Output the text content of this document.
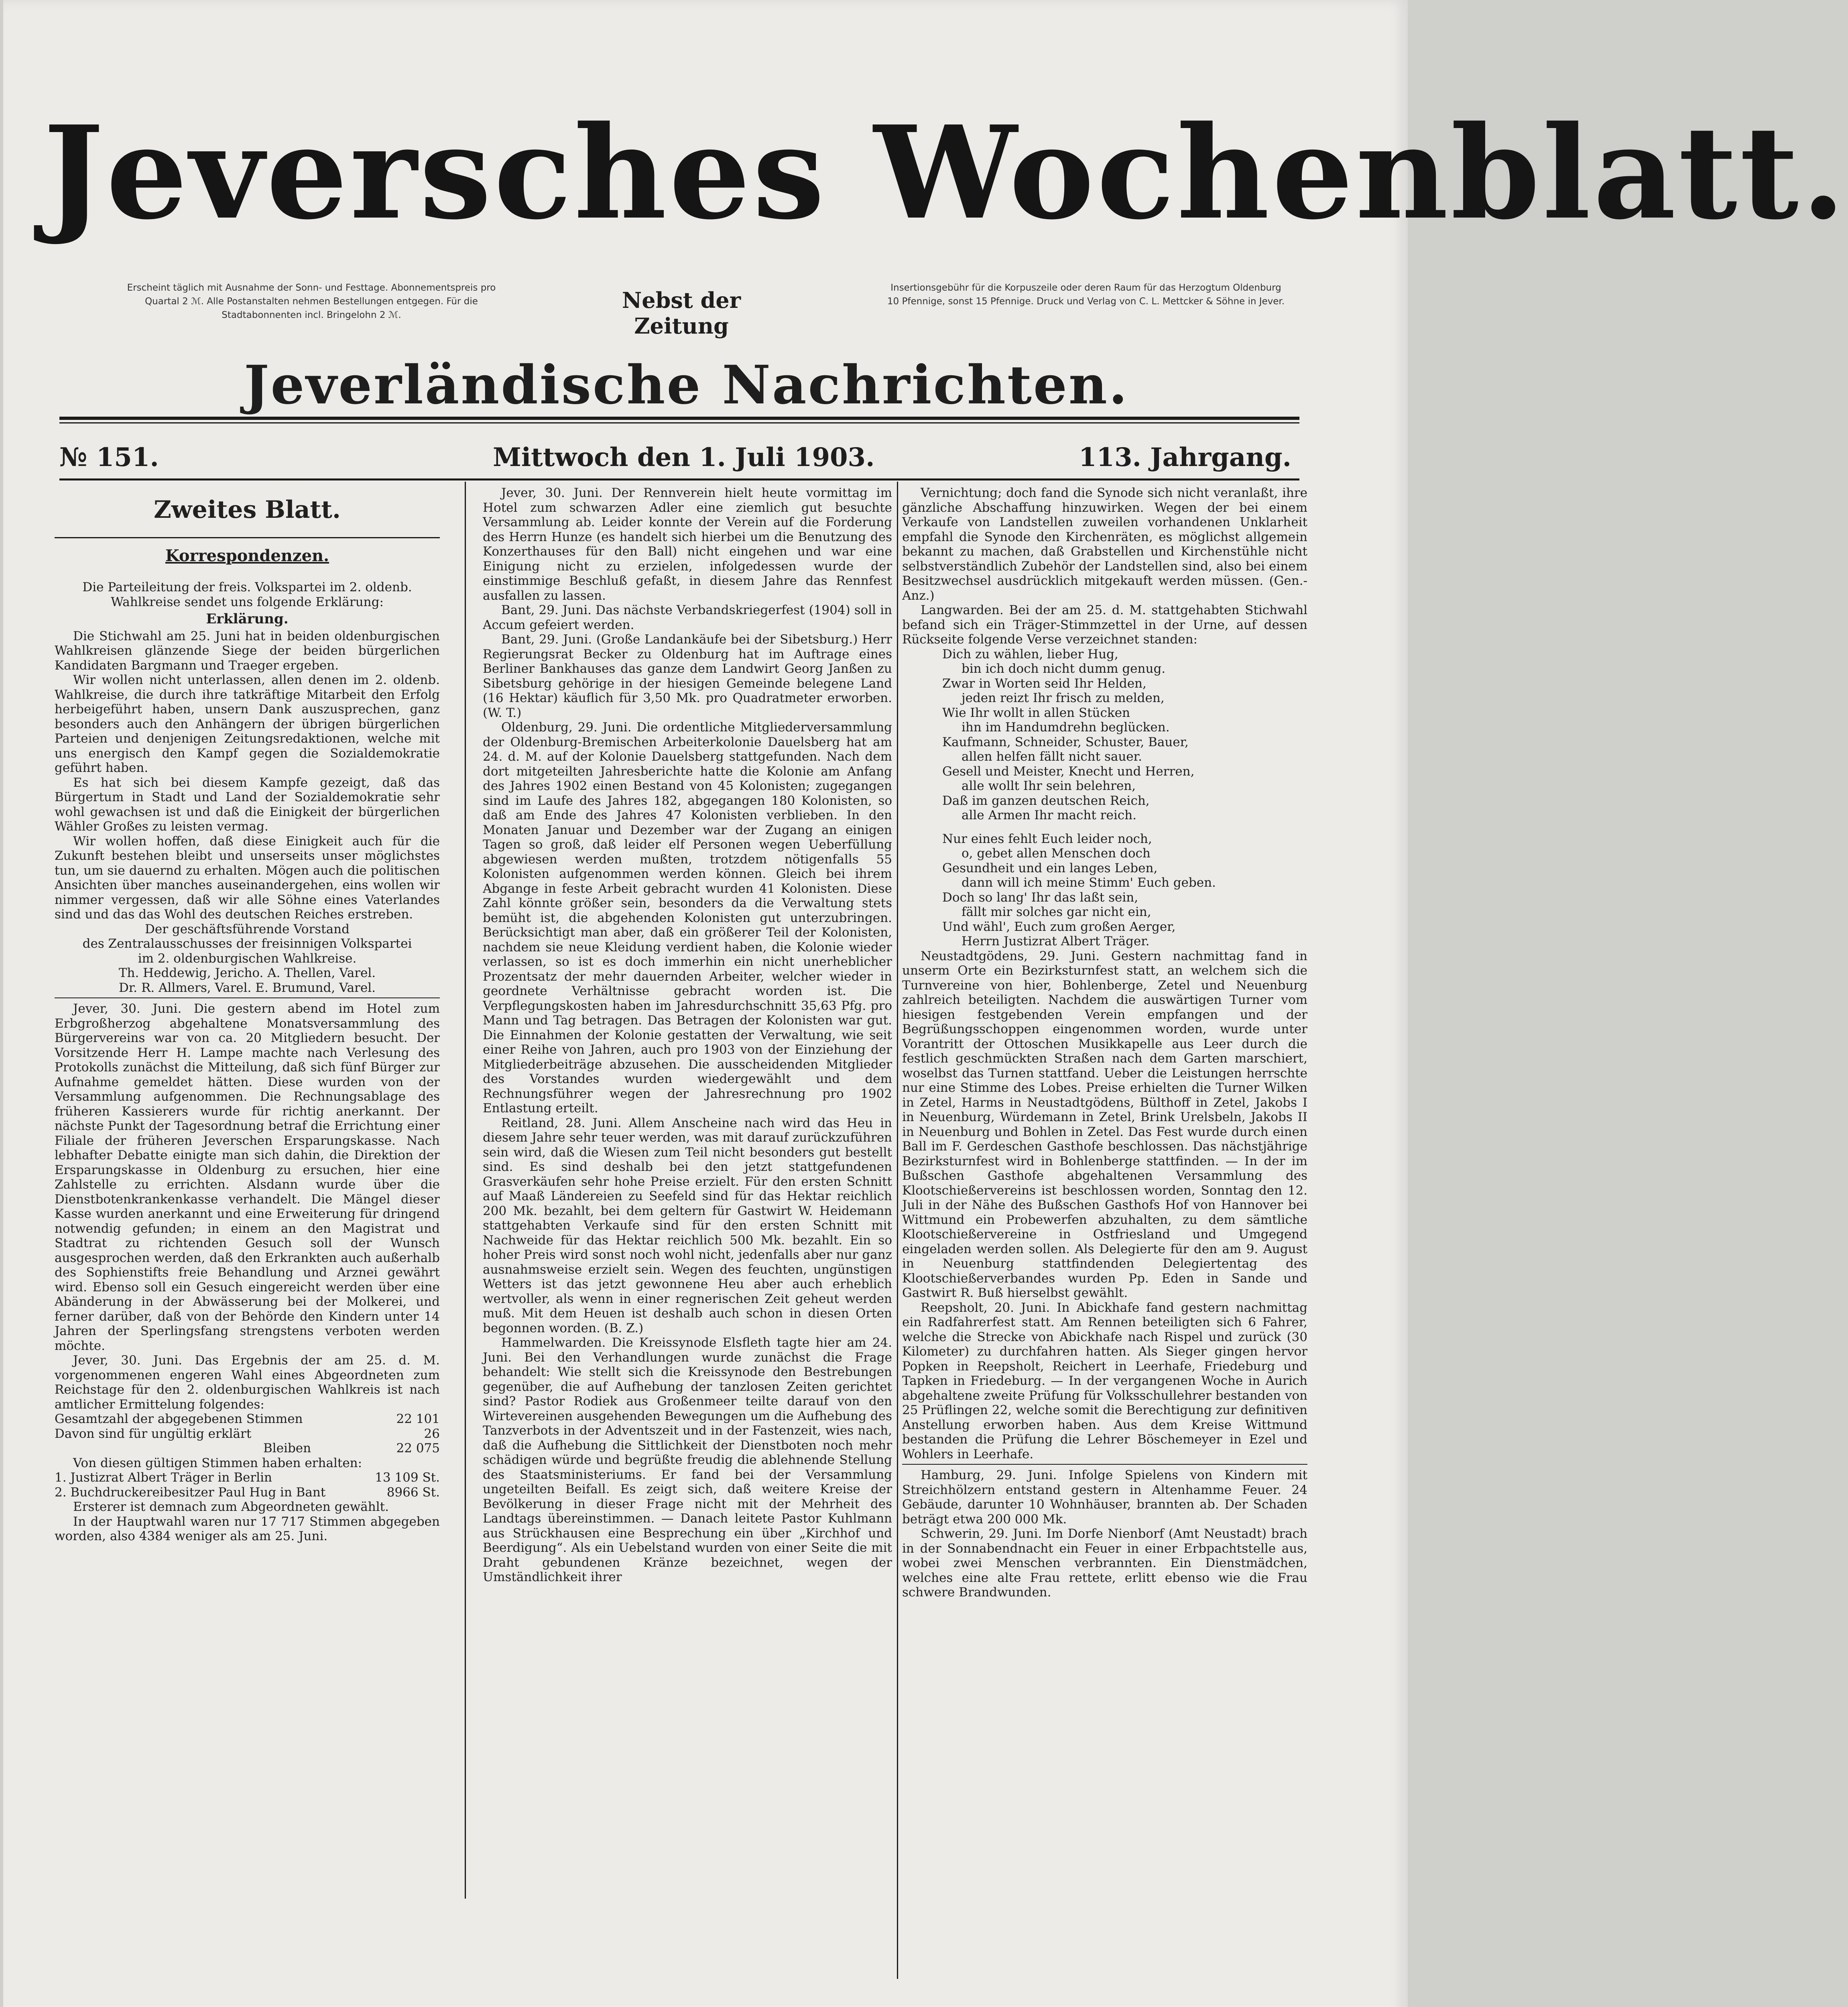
Jeversches Wochenblatt.
Erscheint täglich mit Ausnahme der Sonn- und Festtage. Abonnementspreis pro Quartal 2 ℳ. Alle Postanstalten nehmen Bestellungen entgegen. Für die Stadtabonnenten incl. Bringelohn 2 ℳ.
Nebst der Zeitung
Insertionsgebühr für die Korpuszeile oder deren Raum für das Herzogtum Oldenburg 10 Pfennige, sonst 15 Pfennige. Druck und Verlag von C. L. Mettcker & Söhne in Jever.
Jeverländische Nachrichten.
№ 151.	Mittwoch den 1. Juli 1903.	113. Jahrgang.
Zweites Blatt.
Korrespondenzen.

Die Parteileitung der freis. Volkspartei im 2. oldenb. Wahlkreise sendet uns folgende Erklärung:

Erklärung.

Die Stichwahl am 25. Juni hat in beiden oldenburgischen Wahlkreisen glänzende Siege der beiden bürgerlichen Kandidaten Bargmann und Traeger ergeben.

Wir wollen nicht unterlassen, allen denen im 2. oldenb. Wahlkreise, die durch ihre tatkräftige Mitarbeit den Erfolg herbeigeführt haben, unsern Dank auszusprechen, ganz besonders auch den Anhängern der übrigen bürgerlichen Parteien und denjenigen Zeitungsredaktionen, welche mit uns energisch den Kampf gegen die Sozialdemokratie geführt haben.

Es hat sich bei diesem Kampfe gezeigt, daß das Bürgertum in Stadt und Land der Sozialdemokratie sehr wohl gewachsen ist und daß die Einigkeit der bürgerlichen Wähler Großes zu leisten vermag.

Wir wollen hoffen, daß diese Einigkeit auch für die Zukunft bestehen bleibt und unserseits unser möglichstes tun, um sie dauernd zu erhalten. Mögen auch die politischen Ansichten über manches auseinandergehen, eins wollen wir nimmer vergessen, daß wir alle Söhne eines Vaterlandes sind und das das Wohl des deutschen Reiches erstreben.

Der geschäftsführende Vorstand

des Zentralausschusses der freisinnigen Volkspartei

im 2. oldenburgischen Wahlkreise.

Th. Heddewig, Jericho. A. Thellen, Varel.

Dr. R. Allmers, Varel. E. Brumund, Varel.

Jever, 30. Juni. Die gestern abend im Hotel zum Erbgroßherzog abgehaltene Monatsversammlung des Bürgervereins war von ca. 20 Mitgliedern besucht. Der Vorsitzende Herr H. Lampe machte nach Verlesung des Protokolls zunächst die Mitteilung, daß sich fünf Bürger zur Aufnahme gemeldet hätten. Diese wurden von der Versammlung aufgenommen. Die Rechnungsablage des früheren Kassierers wurde für richtig anerkannt. Der nächste Punkt der Tagesordnung betraf die Errichtung einer Filiale der früheren Jeverschen Ersparungskasse. Nach lebhafter Debatte einigte man sich dahin, die Direktion der Ersparungskasse in Oldenburg zu ersuchen, hier eine Zahlstelle zu errichten. Alsdann wurde über die Dienstbotenkrankenkasse verhandelt. Die Mängel dieser Kasse wurden anerkannt und eine Erweiterung für dringend notwendig gefunden; in einem an den Magistrat und Stadtrat zu richtenden Gesuch soll der Wunsch ausgesprochen werden, daß den Erkrankten auch außerhalb des Sophienstifts freie Behandlung und Arznei gewährt wird. Ebenso soll ein Gesuch eingereicht werden über eine Abänderung in der Abwässerung bei der Molkerei, und ferner darüber, daß von der Behörde den Kindern unter 14 Jahren der Sperlingsfang strengstens verboten werden möchte.

Jever, 30. Juni. Das Ergebnis der am 25. d. M. vorgenommenen engeren Wahl eines Abgeordneten zum Reichstage für den 2. oldenburgischen Wahlkreis ist nach amtlicher Ermittelung folgendes:

Gesamtzahl der abgegebenen Stimmen	22 101
Davon sind für ungültig erklärt	26
Bleiben	22 075

Von diesen gültigen Stimmen haben erhalten:

1. Justizrat Albert Träger in Berlin	13 109 St.
2. Buchdruckereibesitzer Paul Hug in Bant	8966 St.

Ersterer ist demnach zum Abgeordneten gewählt.

In der Hauptwahl waren nur 17 717 Stimmen abgegeben worden, also 4384 weniger als am 25. Juni.

Jever, 30. Juni. Der Rennverein hielt heute vormittag im Hotel zum schwarzen Adler eine ziemlich gut besuchte Versammlung ab. Leider konnte der Verein auf die Forderung des Herrn Hunze (es handelt sich hierbei um die Benutzung des Konzerthauses für den Ball) nicht eingehen und war eine Einigung nicht zu erzielen, infolgedessen wurde der einstimmige Beschluß gefaßt, in diesem Jahre das Rennfest ausfallen zu lassen.

Bant, 29. Juni. Das nächste Verbandskriegerfest (1904) soll in Accum gefeiert werden.

Bant, 29. Juni. (Große Landankäufe bei der Sibetsburg.) Herr Regierungsrat Becker zu Oldenburg hat im Auftrage eines Berliner Bankhauses das ganze dem Landwirt Georg Janßen zu Sibetsburg gehörige in der hiesigen Gemeinde belegene Land (16 Hektar) käuflich für 3,50 Mk. pro Quadratmeter erworben. (W. T.)

Oldenburg, 29. Juni. Die ordentliche Mitgliederversammlung der Oldenburg-Bremischen Arbeiterkolonie Dauelsberg hat am 24. d. M. auf der Kolonie Dauelsberg stattgefunden. Nach dem dort mitgeteilten Jahresberichte hatte die Kolonie am Anfang des Jahres 1902 einen Bestand von 45 Kolonisten; zugegangen sind im Laufe des Jahres 182, abgegangen 180 Kolonisten, so daß am Ende des Jahres 47 Kolonisten verblieben. In den Monaten Januar und Dezember war der Zugang an einigen Tagen so groß, daß leider elf Personen wegen Ueberfüllung abgewiesen werden mußten, trotzdem nötigenfalls 55 Kolonisten aufgenommen werden können. Gleich bei ihrem Abgange in feste Arbeit gebracht wurden 41 Kolonisten. Diese Zahl könnte größer sein, besonders da die Verwaltung stets bemüht ist, die abgehenden Kolonisten gut unterzubringen. Berücksichtigt man aber, daß ein größerer Teil der Kolonisten, nachdem sie neue Kleidung verdient haben, die Kolonie wieder verlassen, so ist es doch immerhin ein nicht unerheblicher Prozentsatz der mehr dauernden Arbeiter, welcher wieder in geordnete Verhältnisse gebracht worden ist. Die Verpflegungskosten haben im Jahresdurchschnitt 35,63 Pfg. pro Mann und Tag betragen. Das Betragen der Kolonisten war gut. Die Einnahmen der Kolonie gestatten der Verwaltung, wie seit einer Reihe von Jahren, auch pro 1903 von der Einziehung der Mitgliederbeiträge abzusehen. Die ausscheidenden Mitglieder des Vorstandes wurden wiedergewählt und dem Rechnungsführer wegen der Jahresrechnung pro 1902 Entlastung erteilt.

Reitland, 28. Juni. Allem Anscheine nach wird das Heu in diesem Jahre sehr teuer werden, was mit darauf zurückzuführen sein wird, daß die Wiesen zum Teil nicht besonders gut bestellt sind. Es sind deshalb bei den jetzt stattgefundenen Grasverkäufen sehr hohe Preise erzielt. Für den ersten Schnitt auf Maaß Ländereien zu Seefeld sind für das Hektar reichlich 200 Mk. bezahlt, bei dem geltern für Gastwirt W. Heidemann stattgehabten Verkaufe sind für den ersten Schnitt mit Nachweide für das Hektar reichlich 500 Mk. bezahlt. Ein so hoher Preis wird sonst noch wohl nicht, jedenfalls aber nur ganz ausnahmsweise erzielt sein. Wegen des feuchten, ungünstigen Wetters ist das jetzt gewonnene Heu aber auch erheblich wertvoller, als wenn in einer regnerischen Zeit geheut werden muß. Mit dem Heuen ist deshalb auch schon in diesen Orten begonnen worden. (B. Z.)

Hammelwarden. Die Kreissynode Elsfleth tagte hier am 24. Juni. Bei den Verhandlungen wurde zunächst die Frage behandelt: Wie stellt sich die Kreissynode den Bestrebungen gegenüber, die auf Aufhebung der tanzlosen Zeiten gerichtet sind? Pastor Rodiek aus Großenmeer teilte darauf von den Wirtevereinen ausgehenden Bewegungen um die Aufhebung des Tanzverbots in der Adventszeit und in der Fastenzeit, wies nach, daß die Aufhebung die Sittlichkeit der Dienstboten noch mehr schädigen würde und begrüßte freudig die ablehnende Stellung des Staatsministeriums. Er fand bei der Versammlung ungeteilten Beifall. Es zeigt sich, daß weitere Kreise der Bevölkerung in dieser Frage nicht mit der Mehrheit des Landtags übereinstimmen. — Danach leitete Pastor Kuhlmann aus Strückhausen eine Besprechung ein über „Kirchhof und Beerdigung“. Als ein Uebelstand wurden von einer Seite die mit Draht gebundenen Kränze bezeichnet, wegen der Umständlichkeit ihrer

Vernichtung; doch fand die Synode sich nicht veranlaßt, ihre gänzliche Abschaffung hinzuwirken. Wegen der bei einem Verkaufe von Landstellen zuweilen vorhandenen Unklarheit empfahl die Synode den Kirchenräten, es möglichst allgemein bekannt zu machen, daß Grabstellen und Kirchenstühle nicht selbstverständlich Zubehör der Landstellen sind, also bei einem Besitzwechsel ausdrücklich mitgekauft werden müssen. (Gen.-Anz.)

Langwarden. Bei der am 25. d. M. stattgehabten Stichwahl befand sich ein Träger-Stimmzettel in der Urne, auf dessen Rückseite folgende Verse verzeichnet standen:

Dich zu wählen, lieber Hug,

bin ich doch nicht dumm genug.

Zwar in Worten seid Ihr Helden,

jeden reizt Ihr frisch zu melden,

Wie Ihr wollt in allen Stücken

ihn im Handumdrehn beglücken.

Kaufmann, Schneider, Schuster, Bauer,

allen helfen fällt nicht sauer.

Gesell und Meister, Knecht und Herren,

alle wollt Ihr sein belehren,

Daß im ganzen deutschen Reich,

alle Armen Ihr macht reich.

Nur eines fehlt Euch leider noch,

o, gebet allen Menschen doch

Gesundheit und ein langes Leben,

dann will ich meine Stimm' Euch geben.

Doch so lang' Ihr das laßt sein,

fällt mir solches gar nicht ein,

Und wähl', Euch zum großen Aerger,

Herrn Justizrat Albert Träger.

Neustadtgödens, 29. Juni. Gestern nachmittag fand in unserm Orte ein Bezirksturnfest statt, an welchem sich die Turnvereine von hier, Bohlenberge, Zetel und Neuenburg zahlreich beteiligten. Nachdem die auswärtigen Turner vom hiesigen festgebenden Verein empfangen und der Begrüßungsschoppen eingenommen worden, wurde unter Vorantritt der Ottoschen Musikkapelle aus Leer durch die festlich geschmückten Straßen nach dem Garten marschiert, woselbst das Turnen stattfand. Ueber die Leistungen herrschte nur eine Stimme des Lobes. Preise erhielten die Turner Wilken in Zetel, Harms in Neustadtgödens, Bülthoff in Zetel, Jakobs I in Neuenburg, Würdemann in Zetel, Brink Urelsbeln, Jakobs II in Neuenburg und Bohlen in Zetel. Das Fest wurde durch einen Ball im F. Gerdeschen Gasthofe beschlossen. Das nächstjährige Bezirksturnfest wird in Bohlenberge stattfinden. — In der im Bußschen Gasthofe abgehaltenen Versammlung des Klootschießervereins ist beschlossen worden, Sonntag den 12. Juli in der Nähe des Bußschen Gasthofs Hof von Hannover bei Wittmund ein Probewerfen abzuhalten, zu dem sämtliche Klootschießervereine in Ostfriesland und Umgegend eingeladen werden sollen. Als Delegierte für den am 9. August in Neuenburg stattfindenden Delegiertentag des Klootschießerverbandes wurden Pp. Eden in Sande und Gastwirt R. Buß hierselbst gewählt.

Reepsholt, 20. Juni. In Abickhafe fand gestern nachmittag ein Radfahrerfest statt. Am Rennen beteiligten sich 6 Fahrer, welche die Strecke von Abickhafe nach Rispel und zurück (30 Kilometer) zu durchfahren hatten. Als Sieger gingen hervor Popken in Reepsholt, Reichert in Leerhafe, Friedeburg und Tapken in Friedeburg. — In der vergangenen Woche in Aurich abgehaltene zweite Prüfung für Volksschullehrer bestanden von 25 Prüflingen 22, welche somit die Berechtigung zur definitiven Anstellung erworben haben. Aus dem Kreise Wittmund bestanden die Prüfung die Lehrer Böschemeyer in Ezel und Wohlers in Leerhafe.

Hamburg, 29. Juni. Infolge Spielens von Kindern mit Streichhölzern entstand gestern in Altenhamme Feuer. 24 Gebäude, darunter 10 Wohnhäuser, brannten ab. Der Schaden beträgt etwa 200 000 Mk.

Schwerin, 29. Juni. Im Dorfe Nienborf (Amt Neustadt) brach in der Sonnabendnacht ein Feuer in einer Erbpachtstelle aus, wobei zwei Menschen verbrannten. Ein Dienstmädchen, welches eine alte Frau rettete, erlitt ebenso wie die Frau schwere Brandwunden.
